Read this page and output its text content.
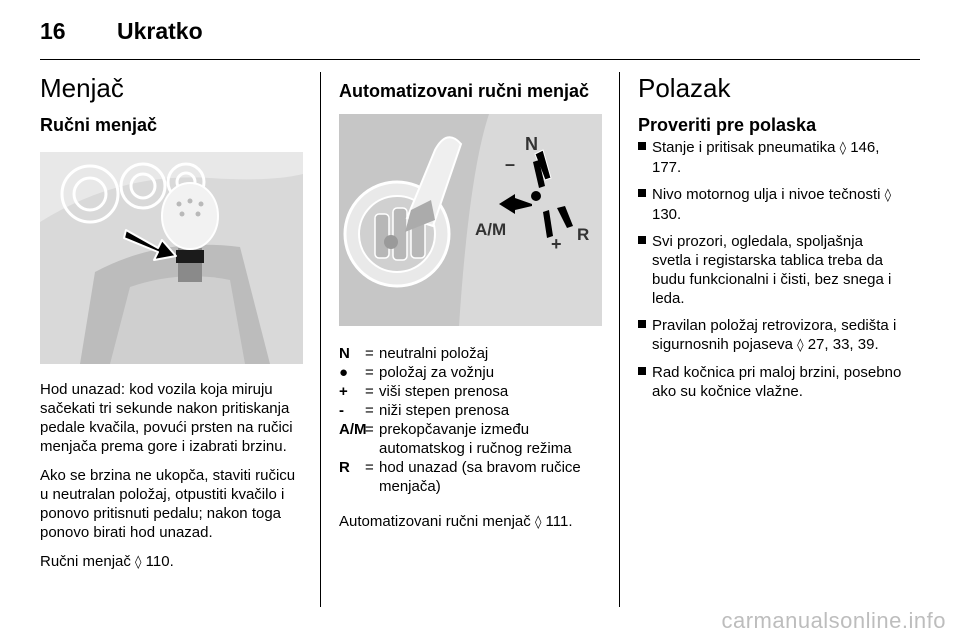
16 Ukratko
Menjač
Ručni menjač

Hod unazad: kod vozila koja miruju sačekati tri sekunde nakon pritiskanja pedale kvačila, povući prsten na ručici menjača prema gore i izabrati brzinu.

Ako se brzina ne ukopča, staviti ručicu u neutralan položaj, otpustiti kvačilo i ponovo pritisnuti pedalu; nakon toga ponovo birati hod unazad.

Ručni menjač ◊ 110.

Automatizovani ručni menjač
N
–
A/M
+ R
N	= neutralni položaj
●	= položaj za vožnju
+	= viši stepen prenosa
-	= niži stepen prenosa
A/M
= prekopčavanje između automatskog i ručnog režima
R	= hod unazad (sa bravom ručice menjača)

Automatizovani ručni menjač ◊ 111.

Polazak
Proveriti pre polaska
Stanje i pritisak pneumatika ◊ 146, 177.
Nivo motornog ulja i nivoe tečnosti ◊ 130.
Svi prozori, ogledala, spoljašnja svetla i registarska tablica treba da budu funkcionalni i čisti, bez snega i leda.
Pravilan položaj retrovizora, sedišta i sigurnosnih pojaseva ◊ 27, 33, 39.
Rad kočnica pri maloj brzini, posebno ako su kočnice vlažne.
carmanualsonline.info
